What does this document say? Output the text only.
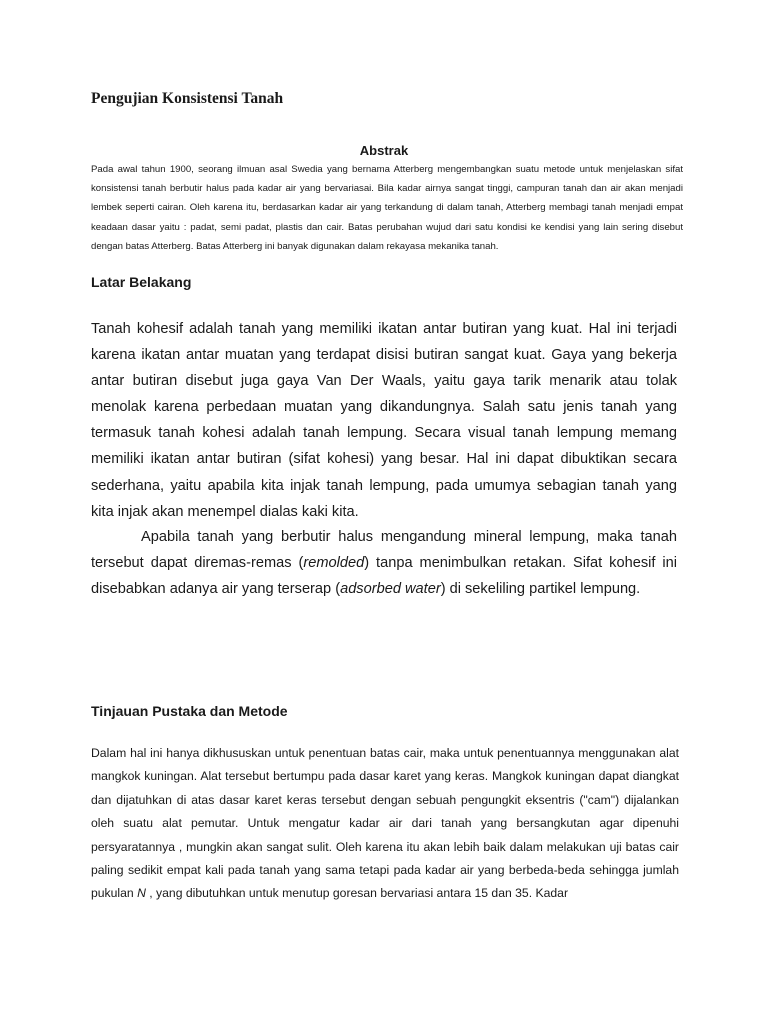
Pengujian Konsistensi Tanah
Abstrak

Pada awal tahun 1900, seorang ilmuan asal Swedia yang bernama Atterberg mengembangkan suatu metode untuk menjelaskan sifat konsistensi tanah berbutir halus pada kadar air yang bervariasai. Bila kadar airnya sangat tinggi, campuran tanah dan air akan menjadi lembek seperti cairan. Oleh karena itu, berdasarkan kadar air yang terkandung di dalam tanah, Atterberg membagi tanah menjadi empat keadaan dasar yaitu : padat, semi padat, plastis dan cair. Batas perubahan wujud dari satu kondisi ke kendisi yang lain sering disebut dengan batas Atterberg. Batas Atterberg ini banyak digunakan dalam rekayasa mekanika tanah.

Latar Belakang

Tanah kohesif adalah tanah yang memiliki ikatan antar butiran yang kuat. Hal ini terjadi karena ikatan antar muatan yang terdapat disisi butiran sangat kuat. Gaya yang bekerja antar butiran disebut juga gaya Van Der Waals, yaitu gaya tarik menarik atau tolak menolak karena perbedaan muatan yang dikandungnya. Salah satu jenis tanah yang termasuk tanah kohesi adalah tanah lempung. Secara visual tanah lempung memang memiliki ikatan antar butiran (sifat kohesi) yang besar. Hal ini dapat dibuktikan secara sederhana, yaitu apabila kita injak tanah lempung, pada umumya sebagian tanah yang kita injak akan menempel dialas kaki kita.

Apabila tanah yang berbutir halus mengandung mineral lempung, maka tanah tersebut dapat diremas-remas (remolded) tanpa menimbulkan retakan. Sifat kohesif ini disebabkan adanya air yang terserap (adsorbed water) di sekeliling partikel lempung.

Tinjauan Pustaka dan Metode

Dalam hal ini hanya dikhususkan untuk penentuan batas cair, maka untuk penentuannya menggunakan alat mangkok kuningan. Alat tersebut bertumpu pada dasar karet yang keras. Mangkok kuningan dapat diangkat dan dijatuhkan di atas dasar karet keras tersebut dengan sebuah pengungkit eksentris ("cam") dijalankan oleh suatu alat pemutar. Untuk mengatur kadar air dari tanah yang bersangkutan agar dipenuhi persyaratannya , mungkin akan sangat sulit. Oleh karena itu akan lebih baik dalam melakukan uji batas cair paling sedikit empat kali pada tanah yang sama tetapi pada kadar air yang berbeda-beda sehingga jumlah pukulan N , yang dibutuhkan untuk menutup goresan bervariasi antara 15 dan 35. Kadar
